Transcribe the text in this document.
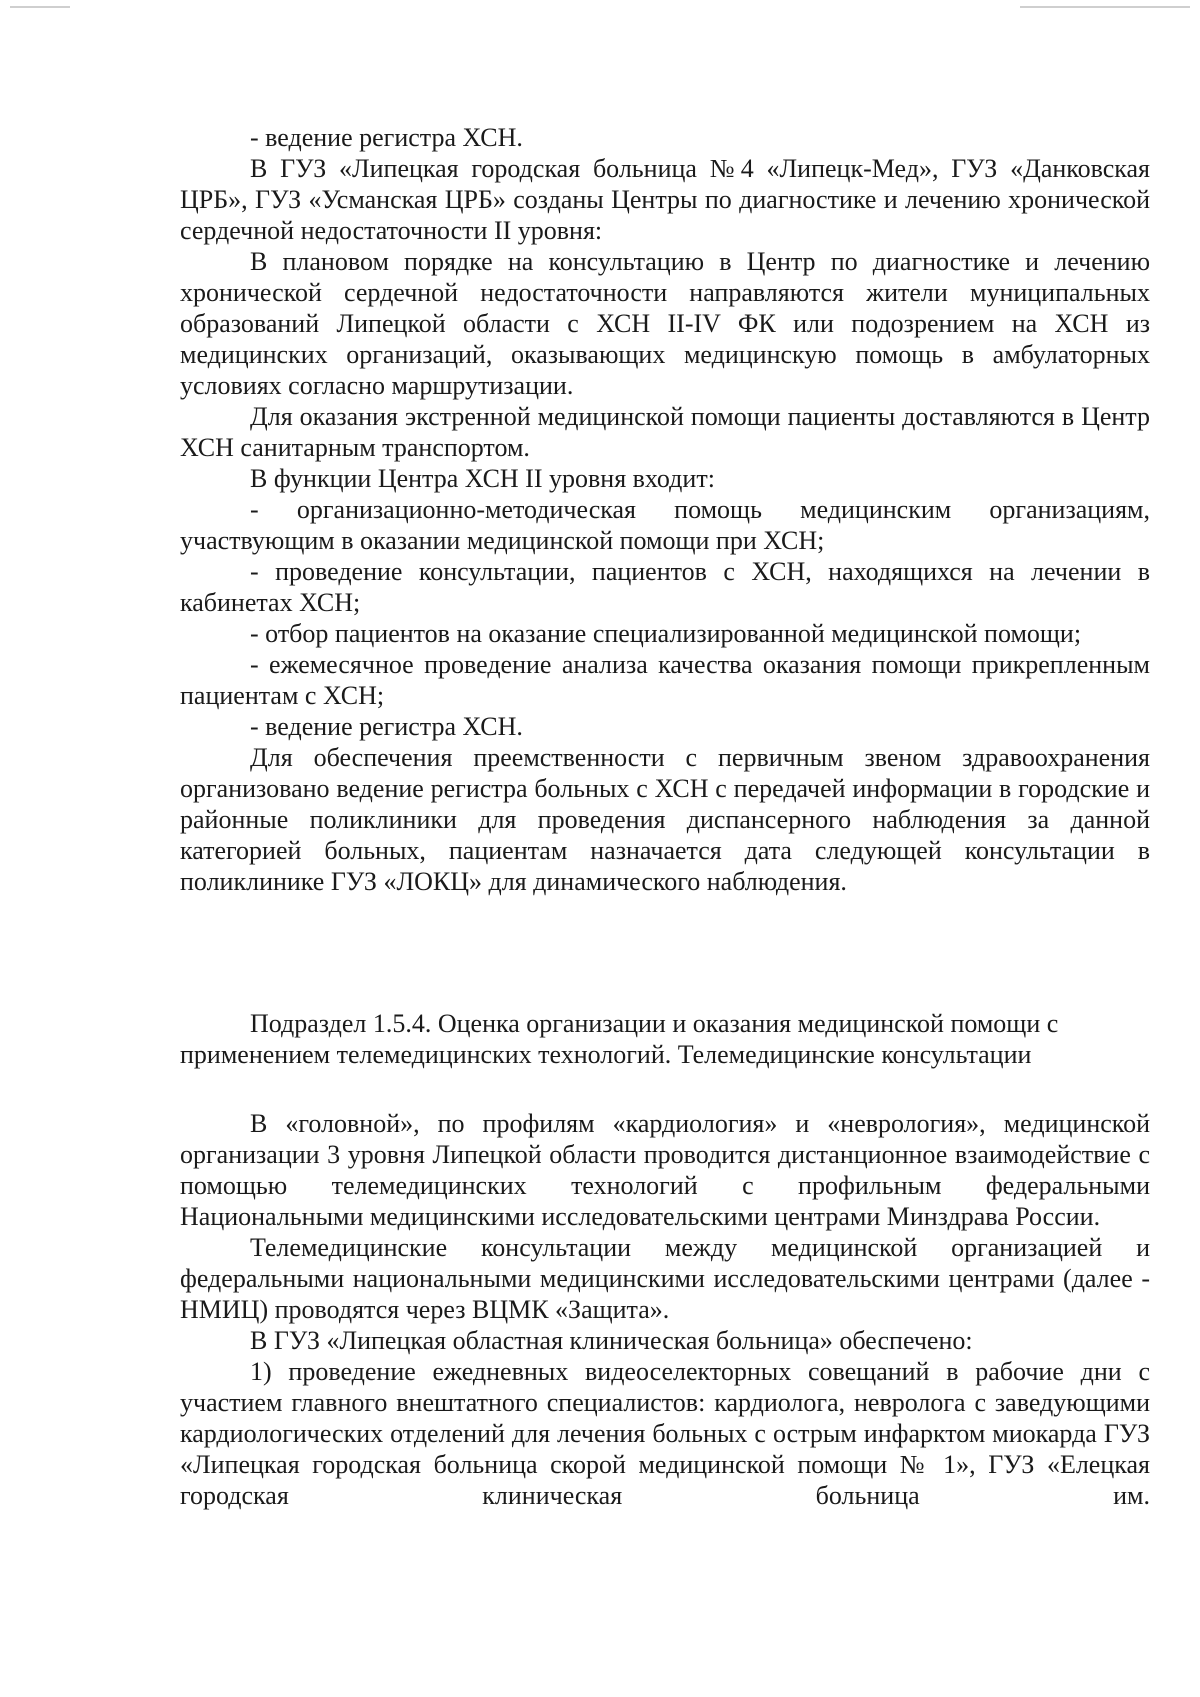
- ведение регистра ХСН.

В ГУЗ «Липецкая городская больница №4 «Липецк-Мед», ГУЗ «Данковская ЦРБ», ГУЗ «Усманская ЦРБ» созданы Центры по диагностике и лечению хронической сердечной недостаточности II уровня:

В плановом порядке на консультацию в Центр по диагностике и лечению хронической сердечной недостаточности направляются жители муниципальных образований Липецкой области с ХСН II-IV ФК или подозрением на ХСН из медицинских организаций, оказывающих медицинскую помощь в амбулаторных условиях согласно маршрутизации.

Для оказания экстренной медицинской помощи пациенты доставляются в Центр ХСН санитарным транспортом.

В функции Центра ХСН II уровня входит:

- организационно-методическая помощь медицинским организациям, участвующим в оказании медицинской помощи при ХСН;

- проведение консультации, пациентов с ХСН, находящихся на лечении в кабинетах ХСН;

- отбор пациентов на оказание специализированной медицинской помощи;

- ежемесячное проведение анализа качества оказания помощи прикрепленным пациентам с ХСН;

- ведение регистра ХСН.

Для обеспечения преемственности с первичным звеном здравоохранения организовано ведение регистра больных с ХСН с передачей информации в городские и районные поликлиники для проведения диспансерного наблюдения за данной категорией больных, пациентам назначается дата следующей консультации в поликлинике ГУЗ «ЛОКЦ» для динамического наблюдения.

Подраздел 1.5.4. Оценка организации и оказания медицинской помощи с применением телемедицинских технологий. Телемедицинские консультации

В «головной», по профилям «кардиология» и «неврология», медицинской организации 3 уровня Липецкой области проводится дистанционное взаимодействие с помощью телемедицинских технологий с профильным федеральными Национальными медицинскими исследовательскими центрами Минздрава России.

Телемедицинские консультации между медицинской организацией и федеральными национальными медицинскими исследовательскими центрами (далее - НМИЦ) проводятся через ВЦМК «Защита».

В ГУЗ «Липецкая областная клиническая больница» обеспечено:

1) проведение ежедневных видеоселекторных совещаний в рабочие дни с участием главного внештатного специалистов: кардиолога, невролога с заведующими кардиологических отделений для лечения больных с острым инфарктом миокарда ГУЗ «Липецкая городская больница скорой медицинской помощи № 1», ГУЗ «Елецкая городская клиническая больница им.
